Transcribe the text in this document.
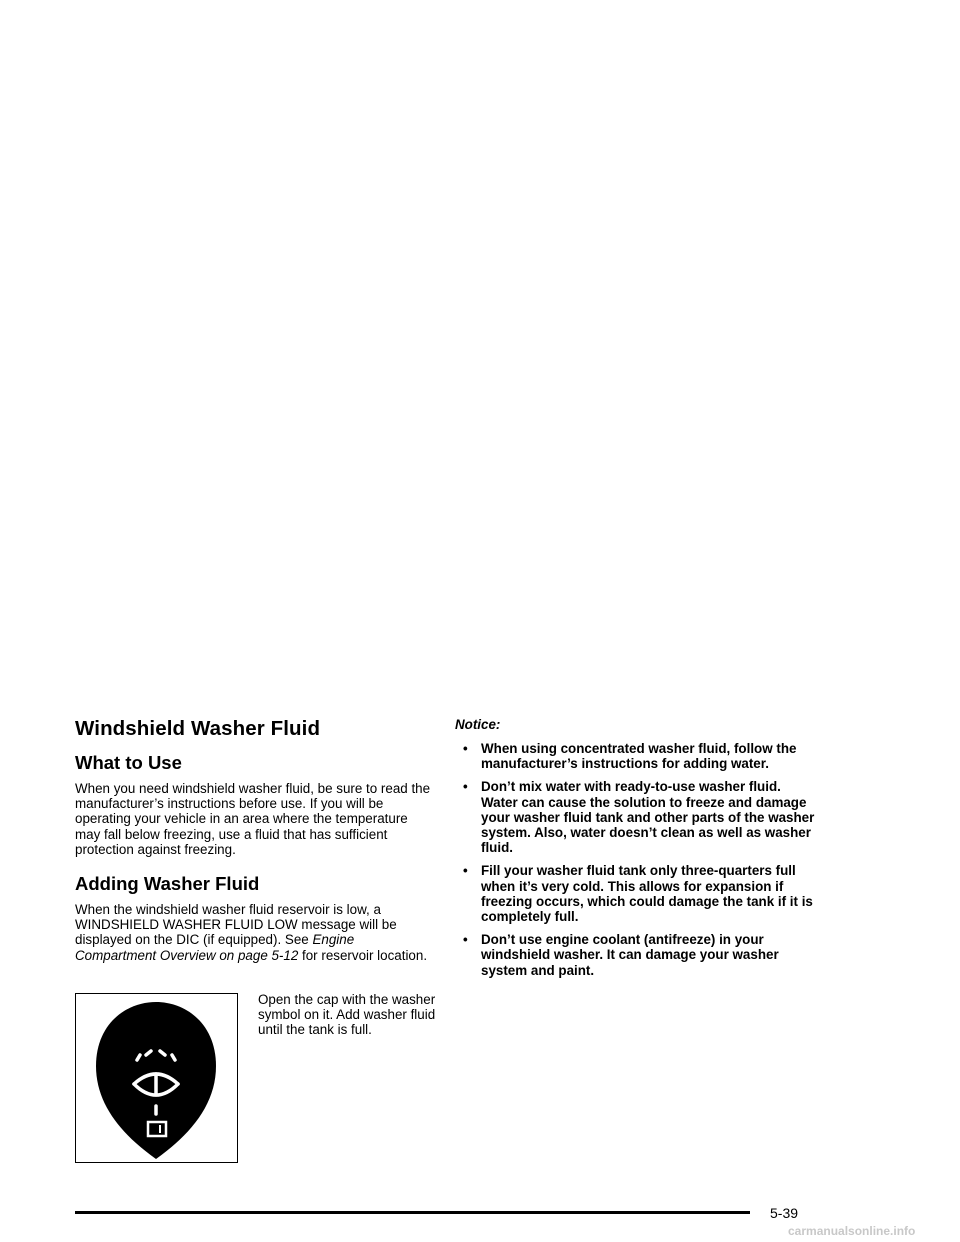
Windshield Washer Fluid
What to Use

When you need windshield washer fluid, be sure to read the manufacturer’s instructions before use. If you will be operating your vehicle in an area where the temperature may fall below freezing, use a fluid that has sufficient protection against freezing.

Adding Washer Fluid

When the windshield washer fluid reservoir is low, a WINDSHIELD WASHER FLUID LOW message will be displayed on the DIC (if equipped). See Engine Compartment Overview on page 5-12 for reservoir location.

Open the cap with the washer symbol on it. Add washer fluid until the tank is full.
Notice:
• When using concentrated washer fluid, follow the manufacturer’s instructions for adding water.
• Don’t mix water with ready-to-use washer fluid. Water can cause the solution to freeze and damage your washer fluid tank and other parts of the washer system. Also, water doesn’t clean as well as washer fluid.
• Fill your washer fluid tank only three-quarters full when it’s very cold. This allows for expansion if freezing occurs, which could damage the tank if it is completely full.
• Don’t use engine coolant (antifreeze) in your windshield washer. It can damage your washer system and paint.
5-39
carmanualsonline.info
